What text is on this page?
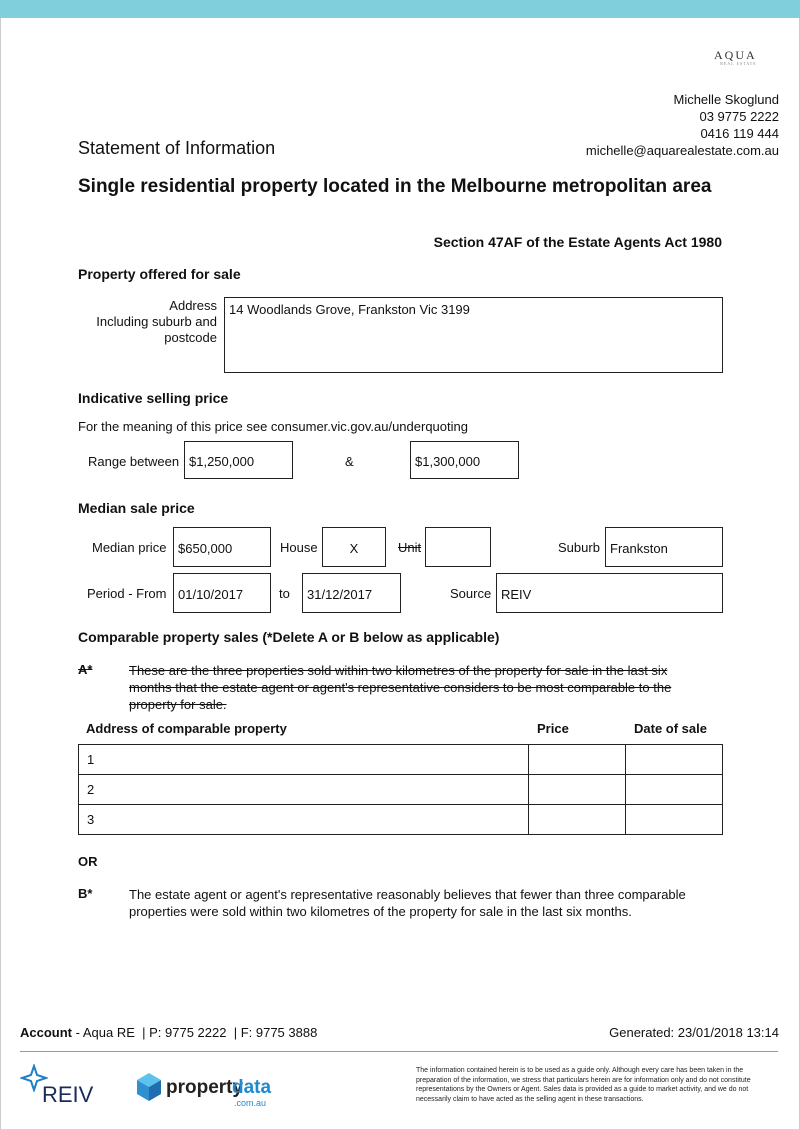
AQUA
REAL ESTATE
Michelle Skoglund
03 9775 2222
0416 119 444
michelle@aquarealestate.com.au
Statement of Information
Single residential property located in the Melbourne metropolitan area
Section 47AF of the Estate Agents Act 1980
Property offered for sale
Address
Including suburb and
postcode
14 Woodlands Grove, Frankston Vic 3199
Indicative selling price
For the meaning of this price see consumer.vic.gov.au/underquoting
Range between $1,250,000	&	$1,300,000
Median sale price
Median price $650,000	House	X	Unit	Suburb Frankston
Period - From 01/10/2017	to	31/12/2017	Source REIV
Comparable property sales (*Delete A or B below as applicable)
A*	These are the three properties sold within two kilometres of the property for sale in the last six months that the estate agent or agent's representative considers to be most comparable to the property for sale.
Address of comparable property	Price	Date of sale
1		
2		
3		
OR
B*	The estate agent or agent's representative reasonably believes that fewer than three comparable properties were sold within two kilometres of the property for sale in the last six months.
Account - Aqua RE | P: 9775 2222 | F: 9775 3888	Generated: 23/01/2018 13:14
REIV	property
data
.com.au
The information contained herein is to be used as a guide only. Although every care has been taken in the preparation of the information, we stress that particulars herein are for information only and do not constitute representations by the Owners or Agent. Sales data is provided as a guide to market activity, and we do not necessarily claim to have acted as the selling agent in these transactions.
